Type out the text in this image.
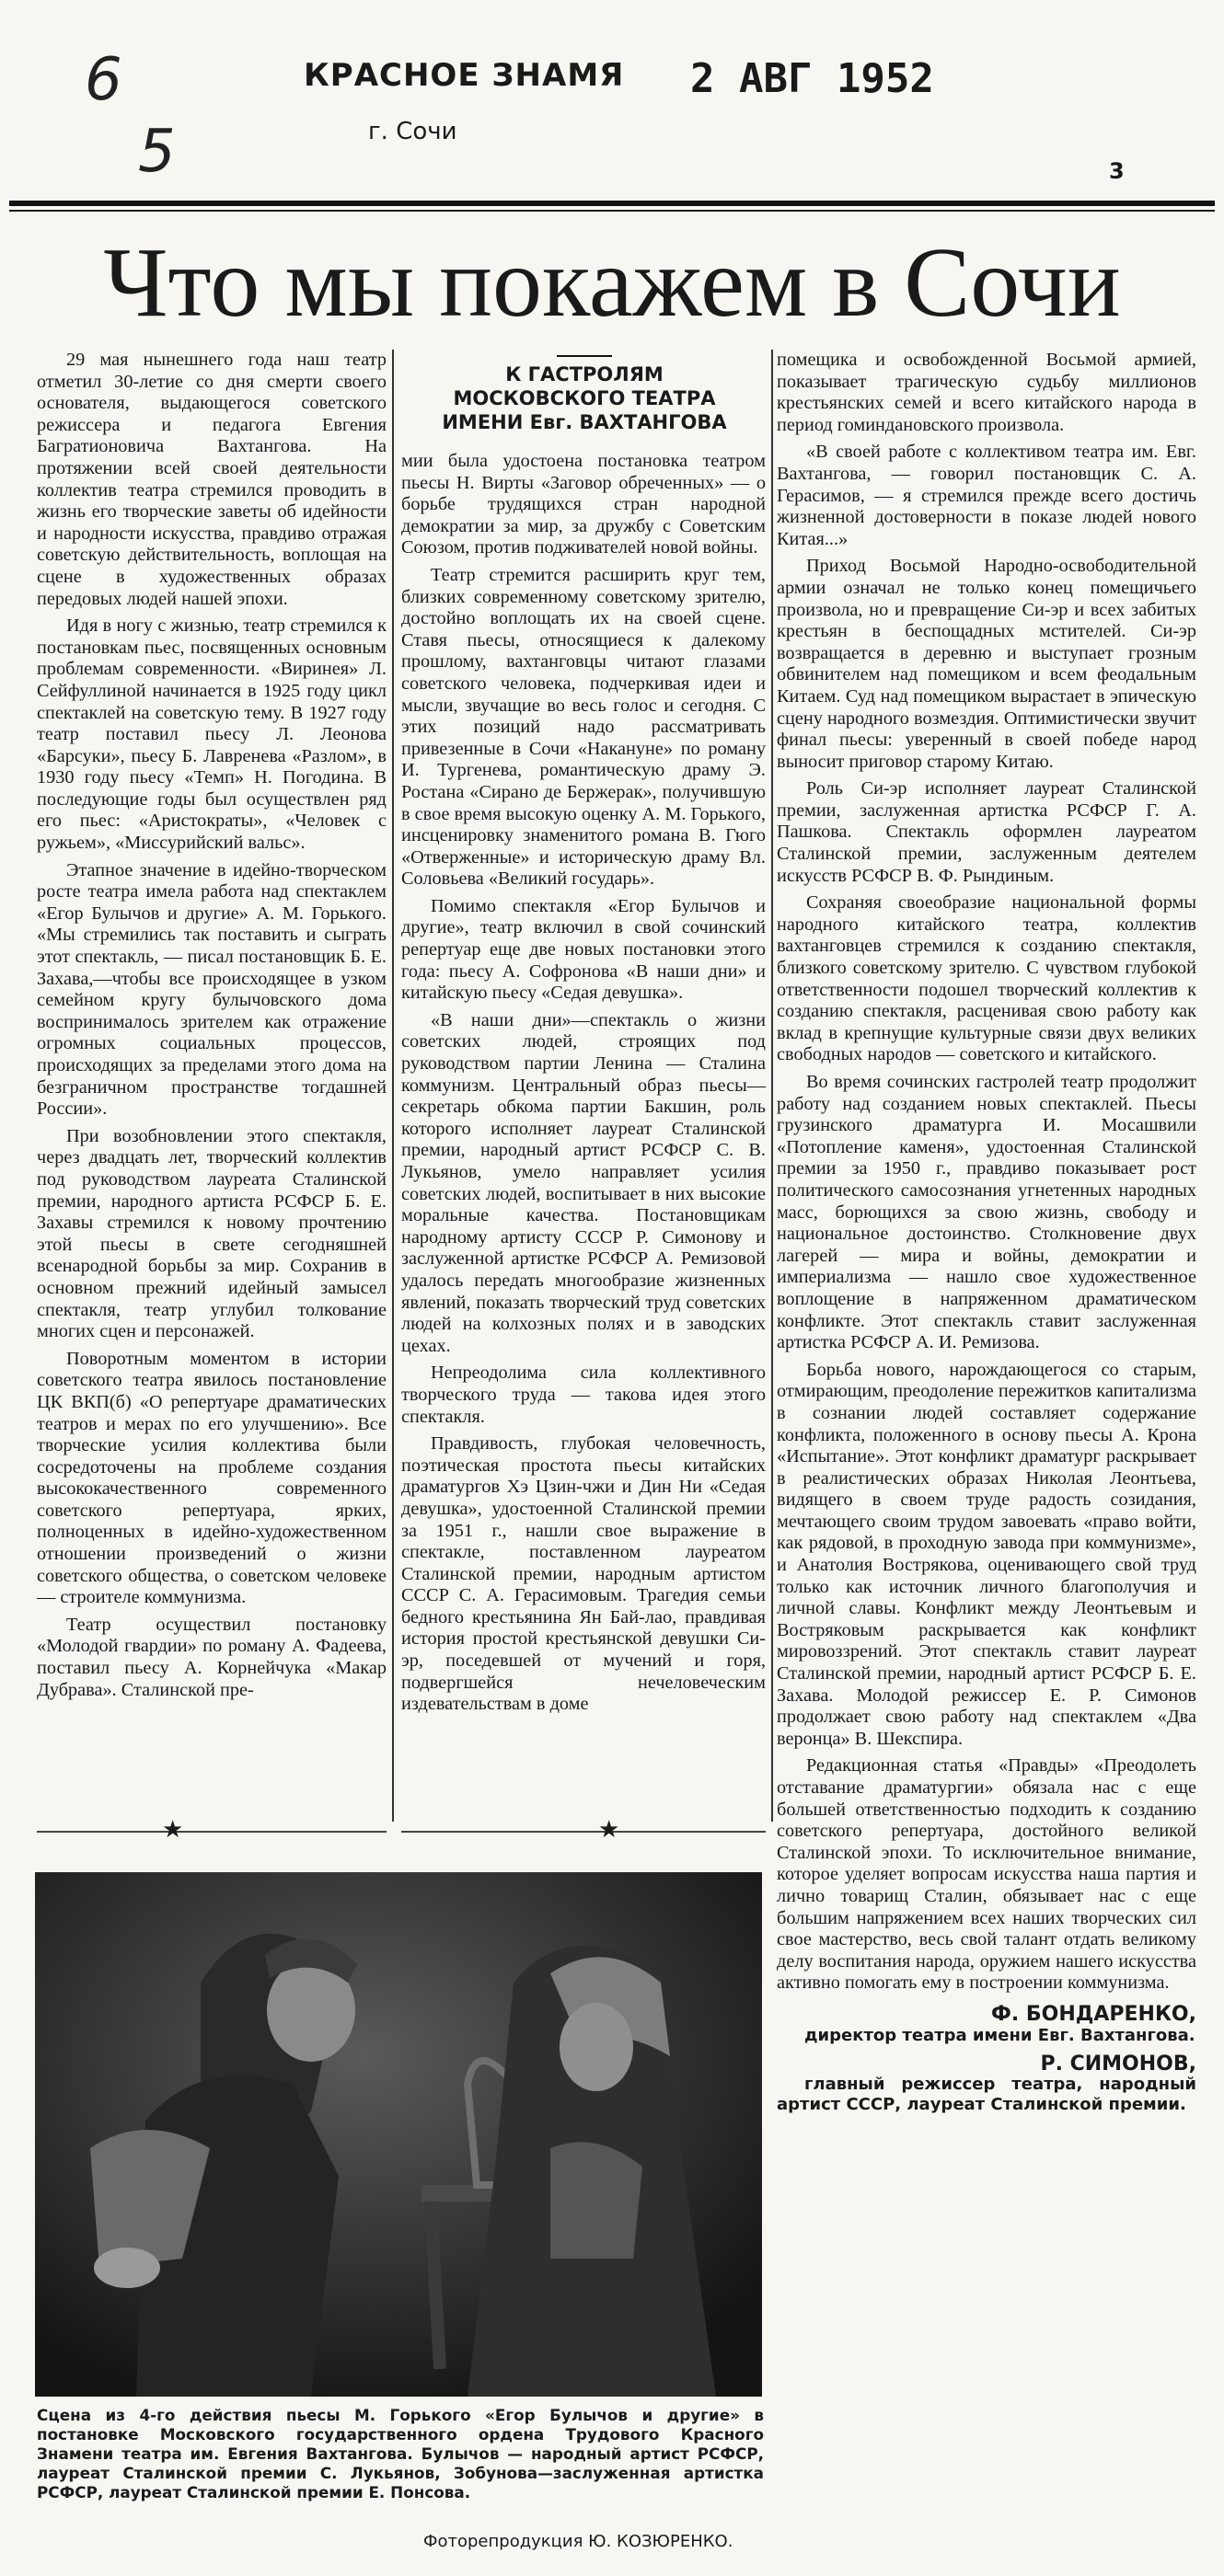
6
5
КРАСНОЕ ЗНАМЯ
г. Сочи
2 АВГ 1952
3
Что мы покажем в Сочи

29 мая нынешнего года наш театр отметил 30-летие со дня смерти своего основателя, выдающегося советского режиссера и педагога Евгения Багратионовича Вахтангова. На протяжении всей своей деятельности коллектив театра стремился проводить в жизнь его творческие заветы об идейности и народности искусства, правдиво отражая советскую действительность, воплощая на сцене в художественных образах передовых людей нашей эпохи.

Идя в ногу с жизнью, театр стремился к постановкам пьес, посвященных основным проблемам современности. «Виринея» Л. Сейфуллиной начинается в 1925 году цикл спектаклей на советскую тему. В 1927 году театр поставил пьесу Л. Леонова «Барсуки», пьесу Б. Лавренева «Разлом», в 1930 году пьесу «Темп» Н. Погодина. В последующие годы был осуществлен ряд его пьес: «Аристократы», «Человек с ружьем», «Миссурийский вальс».

Этапное значение в идейно-творческом росте театра имела работа над спектаклем «Егор Булычов и другие» А. М. Горького. «Мы стремились так поставить и сыграть этот спектакль, — писал постановщик Б. Е. Захава,—чтобы все происходящее в узком семейном кругу булычовского дома воспринималось зрителем как отражение огромных социальных процессов, происходящих за пределами этого дома на безграничном пространстве тогдашней России».

При возобновлении этого спектакля, через двадцать лет, творческий коллектив под руководством лауреата Сталинской премии, народного артиста РСФСР Б. Е. Захавы стремился к новому прочтению этой пьесы в свете сегодняшней всенародной борьбы за мир. Сохранив в основном прежний идейный замысел спектакля, театр углубил толкование многих сцен и персонажей.

Поворотным моментом в истории советского театра явилось постановление ЦК ВКП(б) «О репертуаре драматических театров и мерах по его улучшению». Все творческие усилия коллектива были сосредоточены на проблеме создания высококачественного современного советского репертуара, ярких, полноценных в идейно-художественном отношении произведений о жизни советского общества, о советском человеке — строителе коммунизма.

Театр осуществил постановку «Молодой гвардии» по роману А. Фадеева, поставил пьесу А. Корнейчука «Макар Дубрава». Сталинской пре-

К ГАСТРОЛЯМ
МОСКОВСКОГО ТЕАТРА
ИМЕНИ Евг. ВАХТАНГОВА

мии была удостоена постановка театром пьесы Н. Вирты «Заговор обреченных» — о борьбе трудящихся стран народной демократии за мир, за дружбу с Советским Союзом, против подживателей новой войны.

Театр стремится расширить круг тем, близких современному советскому зрителю, достойно воплощать их на своей сцене. Ставя пьесы, относящиеся к далекому прошлому, вахтанговцы читают глазами советского человека, подчеркивая идеи и мысли, звучащие во весь голос и сегодня. С этих позиций надо рассматривать привезенные в Сочи «Накануне» по роману И. Тургенева, романтическую драму Э. Ростана «Сирано де Бержерак», получившую в свое время высокую оценку А. М. Горького, инсценировку знаменитого романа В. Гюго «Отверженные» и историческую драму Вл. Соловьева «Великий государь».

Помимо спектакля «Егор Булычов и другие», театр включил в свой сочинский репертуар еще две новых постановки этого года: пьесу А. Софронова «В наши дни» и китайскую пьесу «Седая девушка».

«В наши дни»—спектакль о жизни советских людей, строящих под руководством партии Ленина — Сталина коммунизм. Центральный образ пьесы—секретарь обкома партии Бакшин, роль которого исполняет лауреат Сталинской премии, народный артист РСФСР С. В. Лукьянов, умело направляет усилия советских людей, воспитывает в них высокие моральные качества. Постановщикам народному артисту СССР Р. Симонову и заслуженной артистке РСФСР А. Ремизовой удалось передать многообразие жизненных явлений, показать творческий труд советских людей на колхозных полях и в заводских цехах.

Непреодолима сила коллективного творческого труда — такова идея этого спектакля.

Правдивость, глубокая человечность, поэтическая простота пьесы китайских драматургов Хэ Цзин-чжи и Дин Ни «Седая девушка», удостоенной Сталинской премии за 1951 г., нашли свое выражение в спектакле, поставленном лауреатом Сталинской премии, народным артистом СССР С. А. Герасимовым. Трагедия семьи бедного крестьянина Ян Бай-лао, правдивая история простой крестьянской девушки Си-эр, поседевшей от мучений и горя, подвергшейся нечеловеческим издевательствам в доме

помещика и освобожденной Восьмой армией, показывает трагическую судьбу миллионов крестьянских семей и всего китайского народа в период гоминдановского произвола.

«В своей работе с коллективом театра им. Евг. Вахтангова, — говорил постановщик С. А. Герасимов, — я стремился прежде всего достичь жизненной достоверности в показе людей нового Китая...»

Приход Восьмой Народно-освободительной армии означал не только конец помещичьего произвола, но и превращение Си-эр и всех забитых крестьян в беспощадных мстителей. Си-эр возвращается в деревню и выступает грозным обвинителем над помещиком и всем феодальным Китаем. Суд над помещиком вырастает в эпическую сцену народного возмездия. Оптимистически звучит финал пьесы: уверенный в своей победе народ выносит приговор старому Китаю.

Роль Си-эр исполняет лауреат Сталинской премии, заслуженная артистка РСФСР Г. А. Пашкова. Спектакль оформлен лауреатом Сталинской премии, заслуженным деятелем искусств РСФСР В. Ф. Рындиным.

Сохраняя своеобразие национальной формы народного китайского театра, коллектив вахтанговцев стремился к созданию спектакля, близкого советскому зрителю. С чувством глубокой ответственности подошел творческий коллектив к созданию спектакля, расценивая свою работу как вклад в крепнущие культурные связи двух великих свободных народов — советского и китайского.

Во время сочинских гастролей театр продолжит работу над созданием новых спектаклей. Пьесы грузинского драматурга И. Мосашвили «Потопление каменя», удостоенная Сталинской премии за 1950 г., правдиво показывает рост политического самосознания угнетенных народных масс, борющихся за свою жизнь, свободу и национальное достоинство. Столкновение двух лагерей — мира и войны, демократии и империализма — нашло свое художественное воплощение в напряженном драматическом конфликте. Этот спектакль ставит заслуженная артистка РСФСР А. И. Ремизова.

Борьба нового, нарождающегося со старым, отмирающим, преодоление пережитков капитализма в сознании людей составляет содержание конфликта, положенного в основу пьесы А. Крона «Испытание». Этот конфликт драматург раскрывает в реалистических образах Николая Леонтьева, видящего в своем труде радость созидания, мечтающего своим трудом завоевать «право войти, как рядовой, в проходную завода при коммунизме», и Анатолия Вострякова, оценивающего свой труд только как источник личного благополучия и личной славы. Конфликт между Леонтьевым и Востряковым раскрывается как конфликт мировоззрений. Этот спектакль ставит лауреат Сталинской премии, народный артист РСФСР Б. Е. Захава. Молодой режиссер Е. Р. Симонов продолжает свою работу над спектаклем «Два веронца» В. Шекспира.

Редакционная статья «Правды» «Преодолеть отставание драматургии» обязала нас с еще большей ответственностью подходить к созданию советского репертуара, достойного великой Сталинской эпохи. То исключительное внимание, которое уделяет вопросам искусства наша партия и лично товарищ Сталин, обязывает нас с еще большим напряжением всех наших творческих сил свое мастерство, весь свой талант отдать великому делу воспитания народа, оружием нашего искусства активно помогать ему в построении коммунизма.

Ф. БОНДАРЕНКО,
директор театра имени Евг. Вахтангова.
Р. СИМОНОВ,
главный режиссер театра, народный артист СССР, лауреат Сталинской премии.
★	★
Сцена из 4-го действия пьесы М. Горького «Егор Булычов и другие» в постановке Московского государственного ордена Трудового Красного Знамени театра им. Евгения Вахтангова. Булычов — народный артист РСФСР, лауреат Сталинской премии С. Лукьянов, Зобунова—заслуженная артистка РСФСР, лауреат Сталинской премии Е. Понсова.
Фоторепродукция Ю. КОЗЮРЕНКО.
